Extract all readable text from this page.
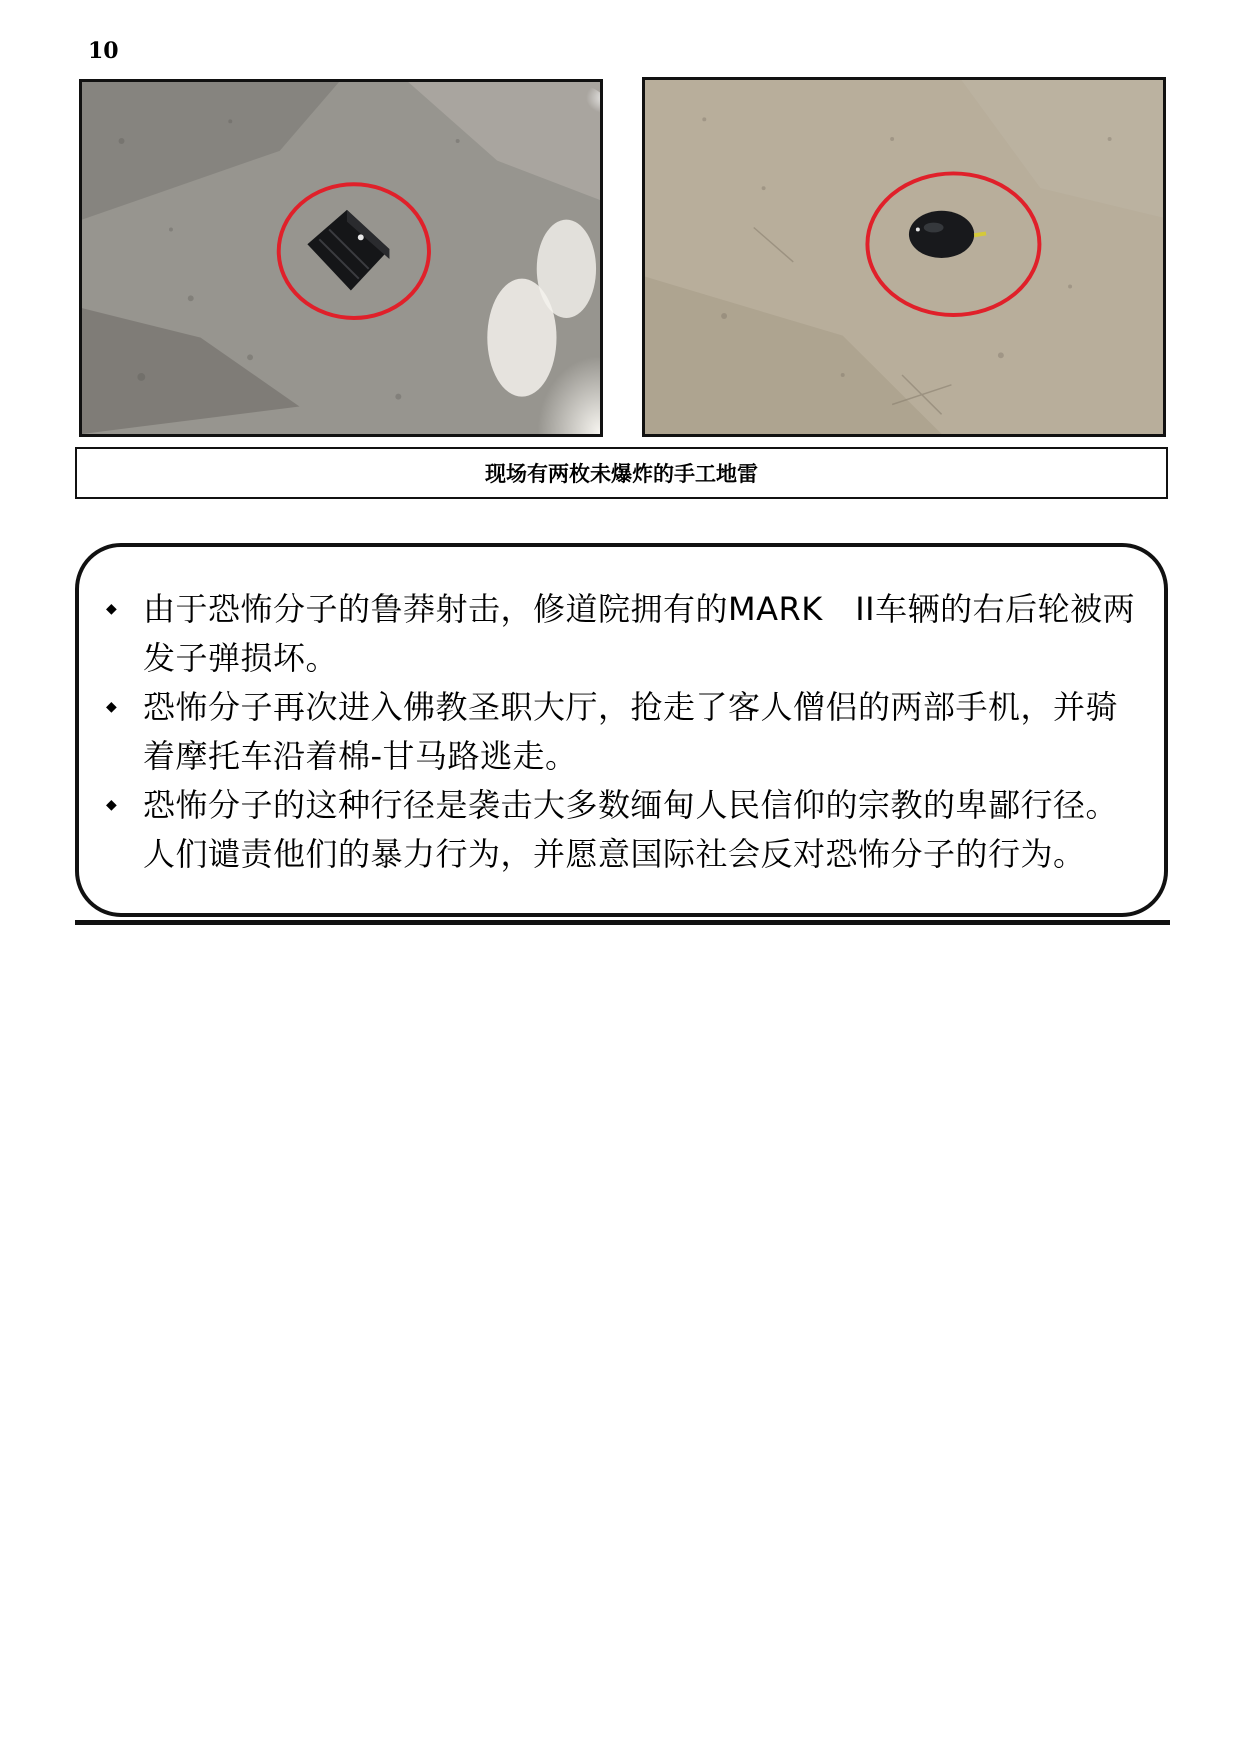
10
现场有两枚未爆炸的手工地雷
◆ 由于恐怖分子的鲁莽射击，修道院拥有的MARK　II车辆的右后轮被两发子弹损坏。
◆ 恐怖分子再次进入佛教圣职大厅，抢走了客人僧侣的两部手机，并骑着摩托车沿着棉-甘马路逃走。
◆ 恐怖分子的这种行径是袭击大多数缅甸人民信仰的宗教的卑鄙行径。人们谴责他们的暴力行为，并愿意国际社会反对恐怖分子的行为。
